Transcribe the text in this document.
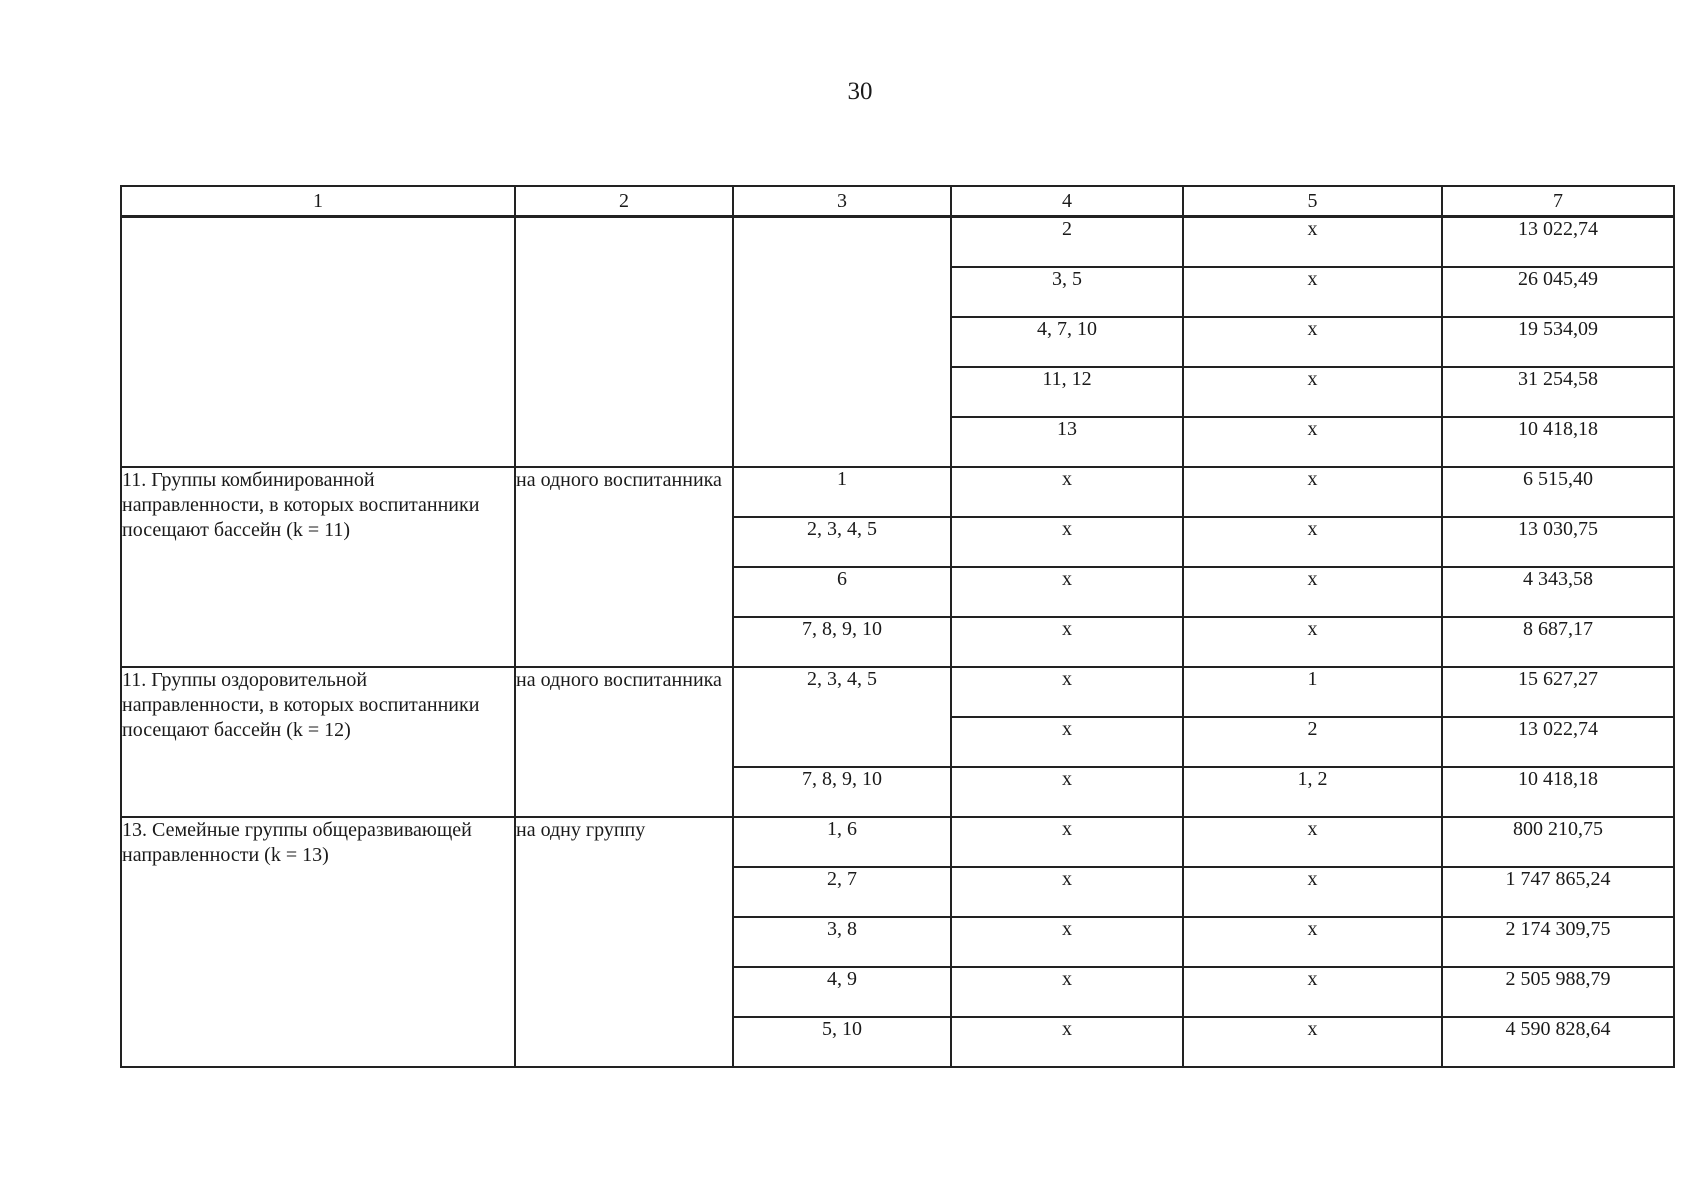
30
1	2	3	4	5	7
			2	х	13 022,74
			3, 5	х	26 045,49
			4, 7, 10	х	19 534,09
			11, 12	х	31 254,58
			13	х	10 418,18
11. Группы комбинированной направленности, в которых воспитанники посещают бассейн (k = 11)	на одного воспитанника	1	х	х	6 515,40
		2, 3, 4, 5	х	х	13 030,75
		6	х	х	4 343,58
		7, 8, 9, 10	х	х	8 687,17
11. Группы оздоровительной направленности, в которых воспитанники посещают бассейн (k = 12)	на одного воспитанника	2, 3, 4, 5	х	1	15 627,27
			х	2	13 022,74
		7, 8, 9, 10	х	1, 2	10 418,18
13. Семейные группы общеразвивающей направленности (k = 13)	на одну группу	1, 6	х	х	800 210,75
		2, 7	х	х	1 747 865,24
		3, 8	х	х	2 174 309,75
		4, 9	х	х	2 505 988,79
		5, 10	х	х	4 590 828,64
